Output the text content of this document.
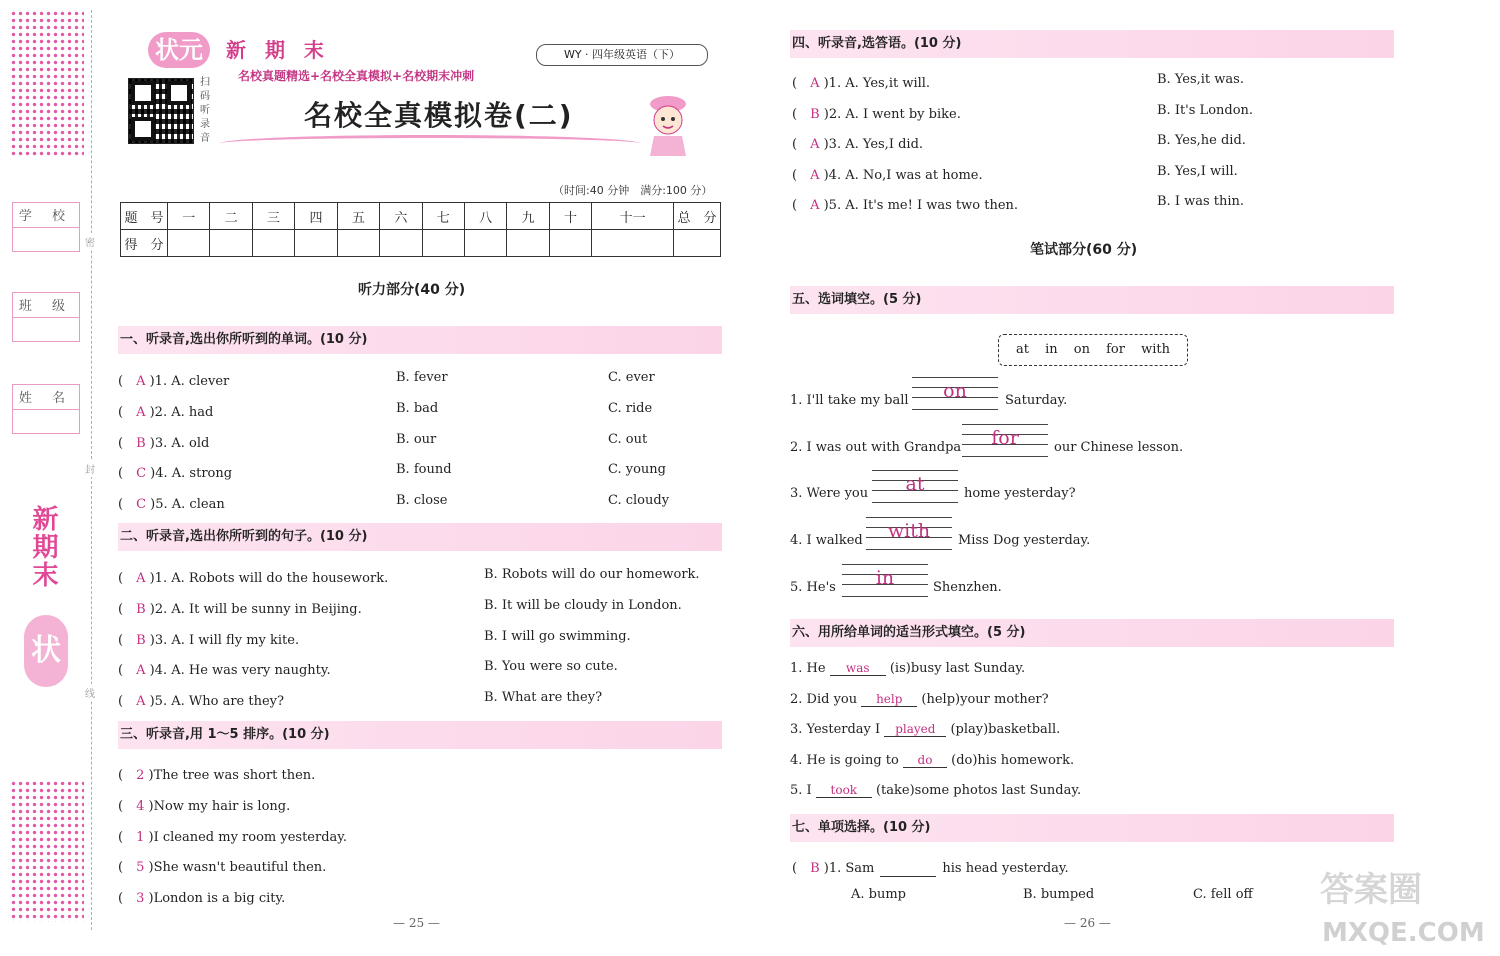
学 校
班 级
姓 名
密
封
线
新期末
状元
状元	新 期 末
名校真题精选+名校全真模拟+名校期末冲刺
扫码听录音
WY · 四年级英语（下）
名校全真模拟卷(二)
（时间:40 分钟　满分:100 分）
题　号	一	二	三	四	五	六	七	八	九	十	十一	总　分
得　分												
听力部分(40 分)
一、听录音,选出你所听到的单词。(10 分)
(　A )1. A. clever	B. fever	C. ever
(　A )2. A. had	B. bad	C. ride
(　B )3. A. old	B. our	C. out
(　C )4. A. strong	B. found	C. young
(　C )5. A. clean	B. close	C. cloudy
二、听录音,选出你所听到的句子。(10 分)
(　A )1. A. Robots will do the housework.	B. Robots will do our homework.
(　B )2. A. It will be sunny in Beijing.	B. It will be cloudy in London.
(　B )3. A. I will fly my kite.	B. I will go swimming.
(　A )4. A. He was very naughty.	B. You were so cute.
(　A )5. A. Who are they?	B. What are they?
三、听录音,用 1～5 排序。(10 分)
(　2 )The tree was short then.
(　4 )Now my hair is long.
(　1 )I cleaned my room yesterday.
(　5 )She wasn't beautiful then.
(　3 )London is a big city.
— 25 —
四、听录音,选答语。(10 分)
(　A )1. A. Yes,it will.	B. Yes,it was.
(　B )2. A. I went by bike.	B. It's London.
(　A )3. A. Yes,I did.	B. Yes,he did.
(　A )4. A. No,I was at home.	B. Yes,I will.
(　A )5. A. It's me! I was two then.	B. I was thin.
笔试部分(60 分)
五、选词填空。(5 分)
at in on for with
1. I'll take my ball	on	Saturday.
2. I was out with Grandpa	for	our Chinese lesson.
3. Were you	at	home yesterday?
4. I walked	with	Miss Dog yesterday.
5. He's	in	Shenzhen.
六、用所给单词的适当形式填空。(5 分)
1. He was (is)busy last Sunday.
2. Did you help (help)your mother?
3. Yesterday I played (play)basketball.
4. He is going to do (do)his homework.
5. I took (take)some photos last Sunday.
七、单项选择。(10 分)
(　B )1. Sam	his head yesterday.
A. bump	B. bumped	C. fell off
— 26 —
答案圈
MXQE.COM
